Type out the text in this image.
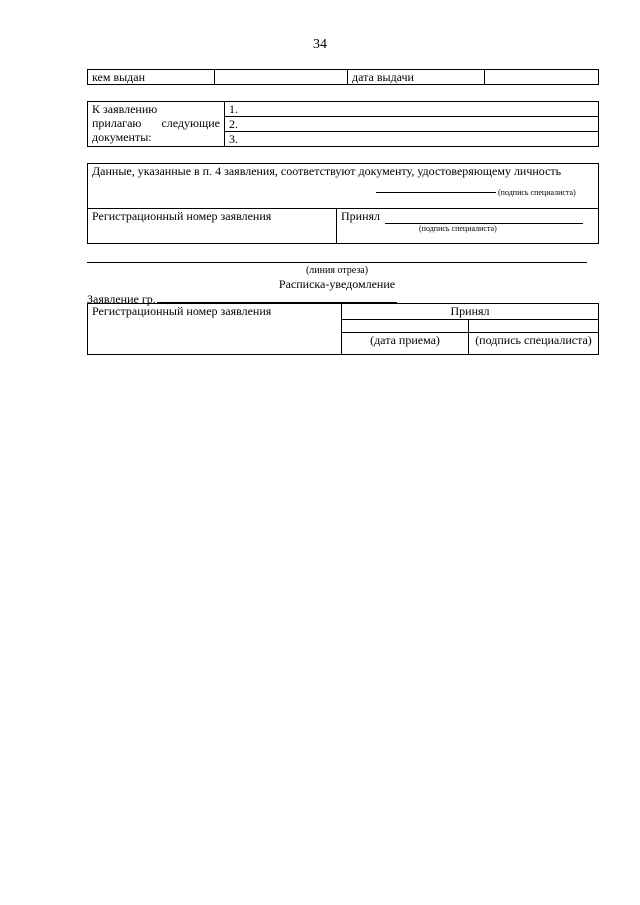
34
кем выдан		дата выдачи	
К заявлению

прилагаю следующие
документы:	1.
2.
3.
Данные, указанные в п. 4 заявления, соответствуют документу, удостоверяющему личность
(подпись специалиста)

Регистрационный номер заявления	Принял
(подпись специалиста)
(линия отреза)
Расписка-уведомление
Заявление гр.
Регистрационный номер заявления	Принял	

	(дата приема)	(подпись специалиста)
